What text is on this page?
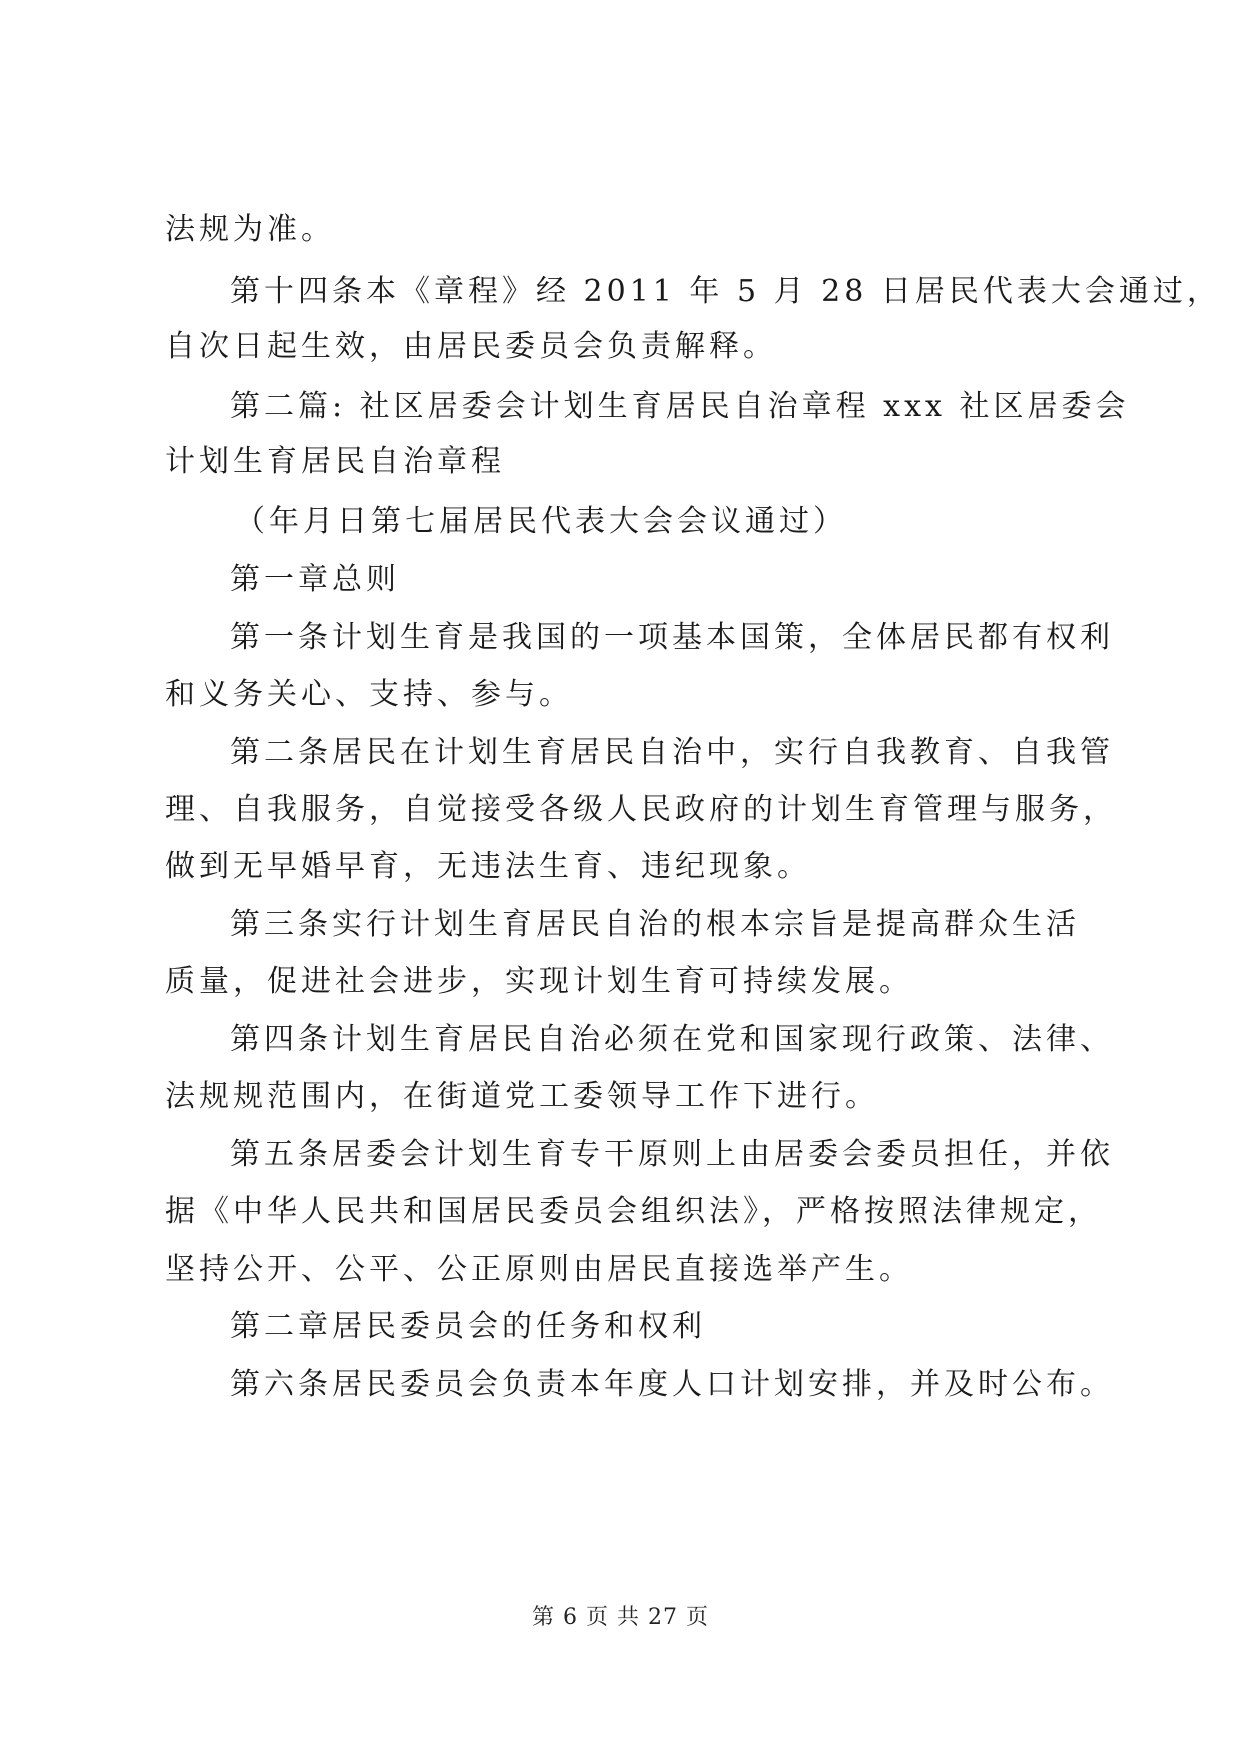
法规为准。
第十四条本《章程》经 2011 年 5 月 28 日居民代表大会通过，
自次日起生效，由居民委员会负责解释。
第二篇: 社区居委会计划生育居民自治章程 xxx 社区居委会
计划生育居民自治章程
（年月日第七届居民代表大会会议通过）
第一章总则
第一条计划生育是我国的一项基本国策，全体居民都有权利
和义务关心、支持、参与。
第二条居民在计划生育居民自治中，实行自我教育、自我管
理、自我服务，自觉接受各级人民政府的计划生育管理与服务，
做到无早婚早育，无违法生育、违纪现象。
第三条实行计划生育居民自治的根本宗旨是提高群众生活
质量，促进社会进步，实现计划生育可持续发展。
第四条计划生育居民自治必须在党和国家现行政策、法律、
法规规范围内，在街道党工委领导工作下进行。
第五条居委会计划生育专干原则上由居委会委员担任，并依
据《中华人民共和国居民委员会组织法》，严格按照法律规定，
坚持公开、公平、公正原则由居民直接选举产生。
第二章居民委员会的任务和权利
第六条居民委员会负责本年度人口计划安排，并及时公布。
第 6 页 共 27 页
